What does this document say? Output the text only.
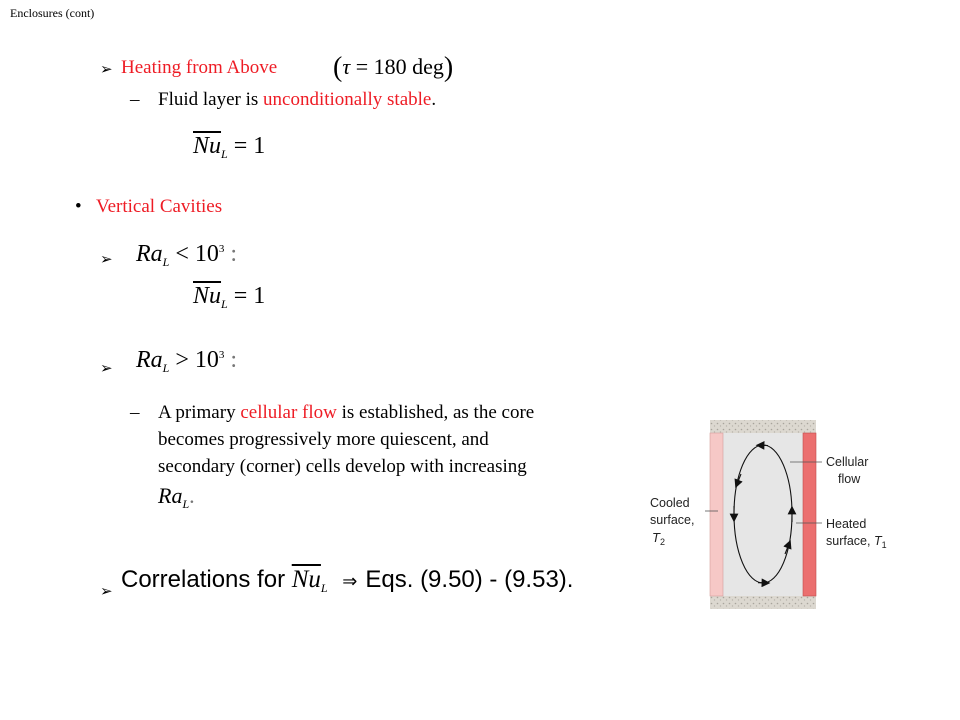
Enclosures (cont)
➢ Heating from Above (τ = 180 deg)
– Fluid layer is unconditionally stable.
$\overline{Nu}_L = 1$
• Vertical Cavities
➢ $Ra_L < 10^3$ :
$\overline{Nu}_L = 1$
➢ $Ra_L > 10^3$ :
– A primary cellular flow is established, as the core
becomes progressively more quiescent, and
secondary (corner) cells develop with increasing
$Ra_L$.
➢ Correlations for $\overline{Nu}_L$ ⇒ Eqs. (9.50) - (9.53).
Cellular
flow
Cooled
surface,
$T_2$
Heated
surface, $T_1$
